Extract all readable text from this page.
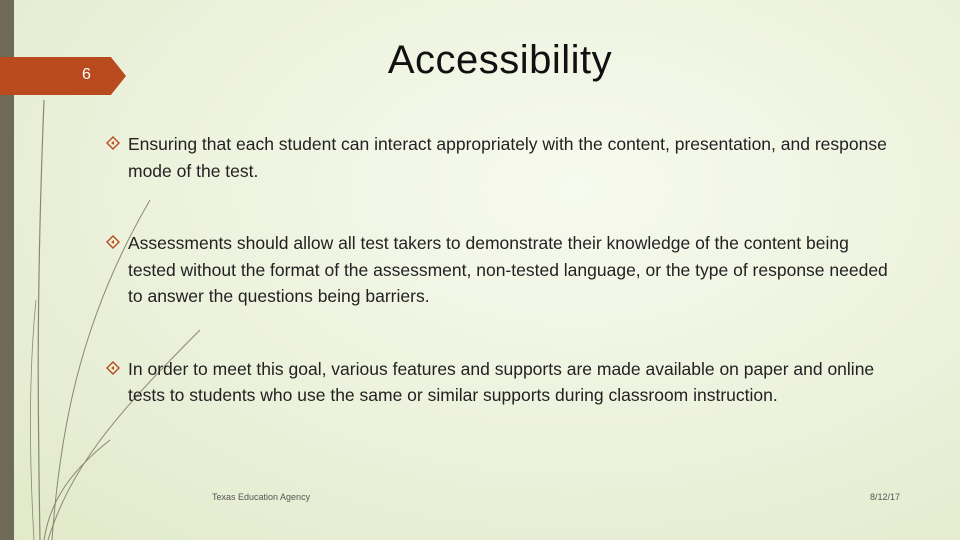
6	Accessibility
Ensuring that each student can interact appropriately with the content, presentation, and response mode of the test.
Assessments should allow all test takers to demonstrate their knowledge of the content being tested without the format of the assessment, non-tested language, or the type of response needed to answer the questions being barriers.
In order to meet this goal, various features and supports are made available on paper and online tests to students who use the same or similar supports during classroom instruction.
Texas Education Agency	8/12/17
